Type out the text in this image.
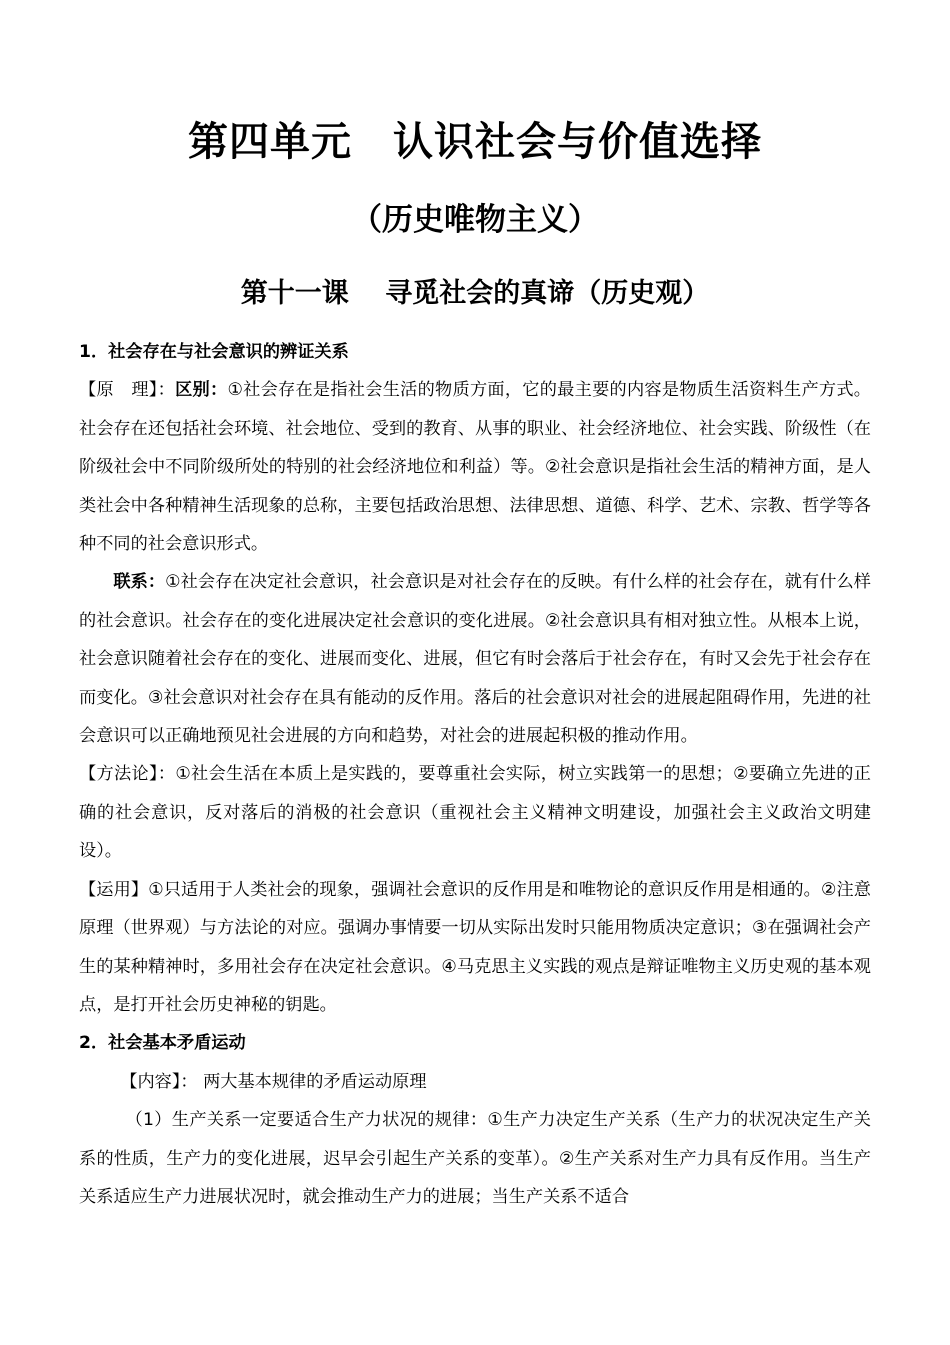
第四单元　认识社会与价值选择
（历史唯物主义）
第十一课　 寻觅社会的真谛（历史观）

1．社会存在与社会意识的辨证关系

【原　理】：区别：①社会存在是指社会生活的物质方面，它的最主要的内容是物质生活资料生产方式。社会存在还包括社会环境、社会地位、受到的教育、从事的职业、社会经济地位、社会实践、阶级性（在阶级社会中不同阶级所处的特别的社会经济地位和利益）等。②社会意识是指社会生活的精神方面，是人类社会中各种精神生活现象的总称，主要包括政治思想、法律思想、道德、科学、艺术、宗教、哲学等各种不同的社会意识形式。

联系：①社会存在决定社会意识，社会意识是对社会存在的反映。有什么样的社会存在，就有什么样的社会意识。社会存在的变化进展决定社会意识的变化进展。②社会意识具有相对独立性。从根本上说，社会意识随着社会存在的变化、进展而变化、进展，但它有时会落后于社会存在，有时又会先于社会存在而变化。③社会意识对社会存在具有能动的反作用。落后的社会意识对社会的进展起阻碍作用，先进的社会意识可以正确地预见社会进展的方向和趋势，对社会的进展起积极的推动作用。

【方法论】：①社会生活在本质上是实践的，要尊重社会实际，树立实践第一的思想；②要确立先进的正确的社会意识，反对落后的消极的社会意识（重视社会主义精神文明建设，加强社会主义政治文明建设）。

【运用】①只适用于人类社会的现象，强调社会意识的反作用是和唯物论的意识反作用是相通的。②注意原理（世界观）与方法论的对应。强调办事情要一切从实际出发时只能用物质决定意识；③在强调社会产生的某种精神时，多用社会存在决定社会意识。④马克思主义实践的观点是辩证唯物主义历史观的基本观点，是打开社会历史神秘的钥匙。

2．社会基本矛盾运动

【内容】： 两大基本规律的矛盾运动原理

（1）生产关系一定要适合生产力状况的规律：①生产力决定生产关系（生产力的状况决定生产关系的性质，生产力的变化进展，迟早会引起生产关系的变革）。②生产关系对生产力具有反作用。当生产关系适应生产力进展状况时，就会推动生产力的进展；当生产关系不适合
